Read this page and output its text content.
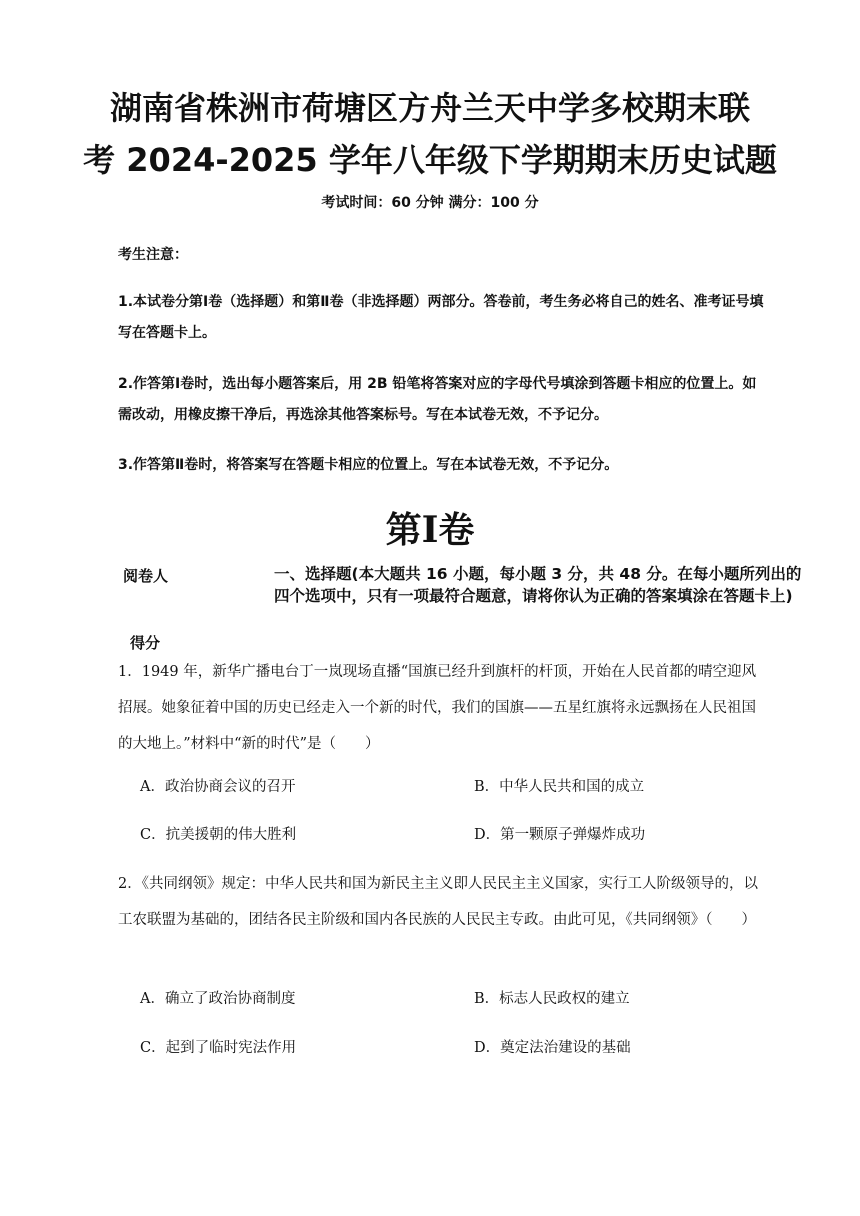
湖南省株洲市荷塘区方舟兰天中学多校期末联
考 2024-2025 学年八年级下学期期末历史试题
考试时间：60 分钟 满分：100 分
考生注意：
1.本试卷分第Ⅰ卷（选择题）和第Ⅱ卷（非选择题）两部分。答卷前，考生务必将自己的姓名、准考证号填写在答题卡上。
2.作答第Ⅰ卷时，选出每小题答案后，用 2B 铅笔将答案对应的字母代号填涂到答题卡相应的位置上。如需改动，用橡皮擦干净后，再选涂其他答案标号。写在本试卷无效，不予记分。
3.作答第Ⅱ卷时，将答案写在答题卡相应的位置上。写在本试卷无效，不予记分。
第Ⅰ卷
阅卷人
得分
一、选择题(本大题共 16 小题，每小题 3 分，共 48 分。在每小题所列出的四个选项中，只有一项最符合题意，请将你认为正确的答案填涂在答题卡上)
1．1949 年，新华广播电台丁一岚现场直播“国旗已经升到旗杆的杆顶，开始在人民首都的晴空迎风招展。她象征着中国的历史已经走入一个新的时代，我们的国旗——五星红旗将永远飘扬在人民祖国的大地上。”材料中“新的时代”是（　　）
A．政治协商会议的召开	B．中华人民共和国的成立
C．抗美援朝的伟大胜利	D．第一颗原子弹爆炸成功
2．《共同纲领》规定：中华人民共和国为新民主主义即人民民主主义国家，实行工人阶级领导的，以工农联盟为基础的，团结各民主阶级和国内各民族的人民民主专政。由此可见，《共同纲领》（　　）
A．确立了政治协商制度	B．标志人民政权的建立
C．起到了临时宪法作用	D．奠定法治建设的基础
